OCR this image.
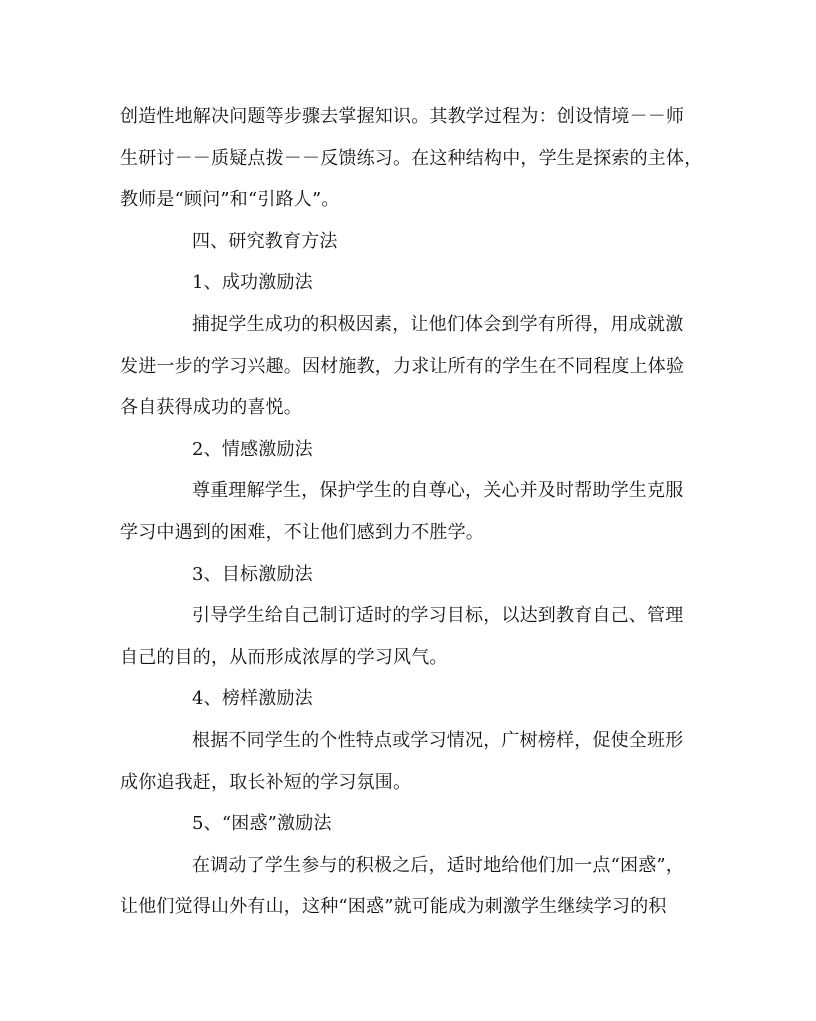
创造性地解决问题等步骤去掌握知识。其教学过程为：创设情境－－师
生研讨－－质疑点拨－－反馈练习。在这种结构中，学生是探索的主体，
教师是“顾问”和“引路人”。
四、研究教育方法
1、成功激励法
捕捉学生成功的积极因素，让他们体会到学有所得，用成就激
发进一步的学习兴趣。因材施教，力求让所有的学生在不同程度上体验
各自获得成功的喜悦。
2、情感激励法
尊重理解学生，保护学生的自尊心，关心并及时帮助学生克服
学习中遇到的困难，不让他们感到力不胜学。
3、目标激励法
引导学生给自己制订适时的学习目标，以达到教育自己、管理
自己的目的，从而形成浓厚的学习风气。
4、榜样激励法
根据不同学生的个性特点或学习情况，广树榜样，促使全班形
成你追我赶，取长补短的学习氛围。
5、“困惑”激励法
在调动了学生参与的积极之后，适时地给他们加一点“困惑”，
让他们觉得山外有山，这种“困惑”就可能成为刺激学生继续学习的积
